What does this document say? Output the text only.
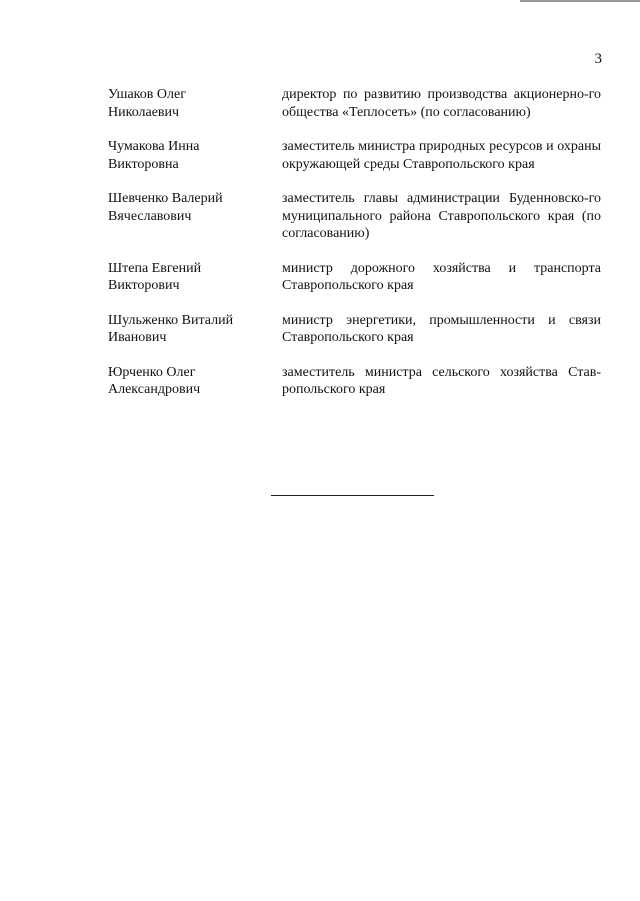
3
Ушаков Олег
Николаевич
директор по развитию производства акционерно-го общества «Теплосеть» (по согласованию)
Чумакова Инна
Викторовна
заместитель министра природных ресурсов и охраны окружающей среды Ставропольского края
Шевченко Валерий
Вячеславович
заместитель главы администрации Буденновско-го муниципального района Ставропольского края (по согласованию)
Штепа Евгений
Викторович
министр дорожного хозяйства и транспорта Ставропольского края
Шульженко Виталий
Иванович
министр энергетики, промышленности и связи Ставропольского края
Юрченко Олег
Александрович
заместитель министра сельского хозяйства Став-ропольского края
